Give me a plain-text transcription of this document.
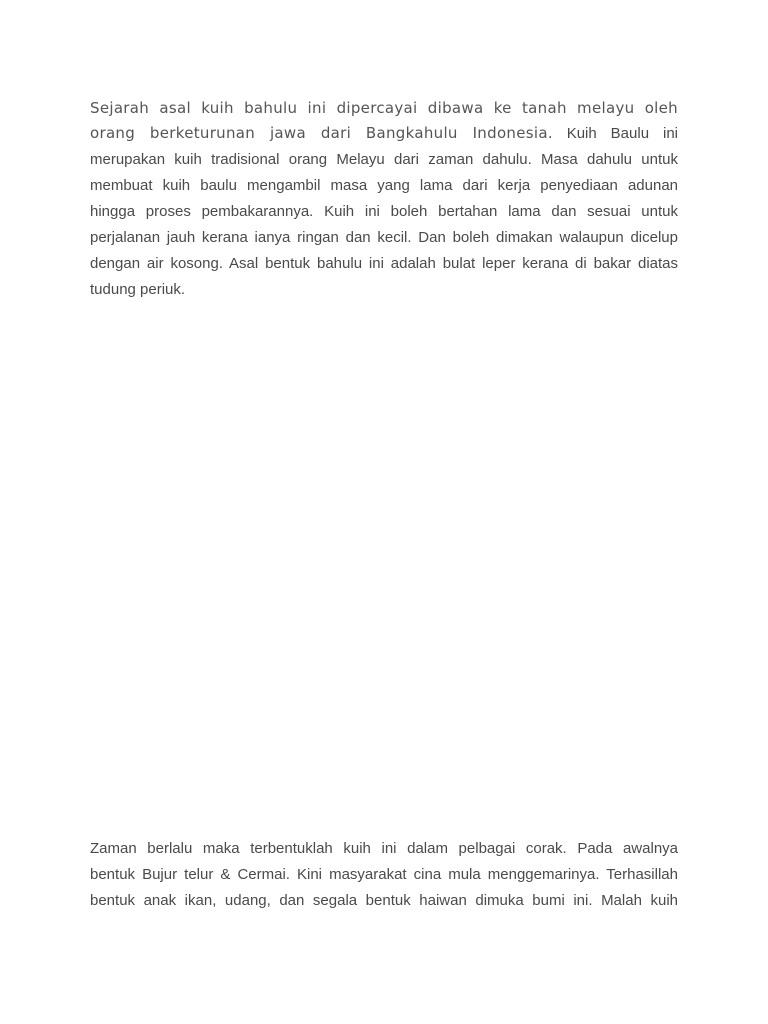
Sejarah asal kuih bahulu ini dipercayai dibawa ke tanah melayu oleh
orang berketurunan jawa dari Bangkahulu Indonesia. Kuih Baulu ini
merupakan kuih tradisional orang Melayu dari zaman dahulu. Masa dahulu untuk
membuat kuih baulu mengambil masa yang lama dari kerja penyediaan adunan
hingga proses pembakarannya. Kuih ini boleh bertahan lama dan sesuai untuk
perjalanan jauh kerana ianya ringan dan kecil. Dan boleh dimakan walaupun dicelup
dengan air kosong. Asal bentuk bahulu ini adalah bulat leper kerana di bakar diatas
tudung periuk.
Zaman berlalu maka terbentuklah kuih ini dalam pelbagai corak. Pada awalnya
bentuk Bujur telur & Cermai. Kini masyarakat cina mula menggemarinya. Terhasillah
bentuk anak ikan, udang, dan segala bentuk haiwan dimuka bumi ini. Malah kuih
